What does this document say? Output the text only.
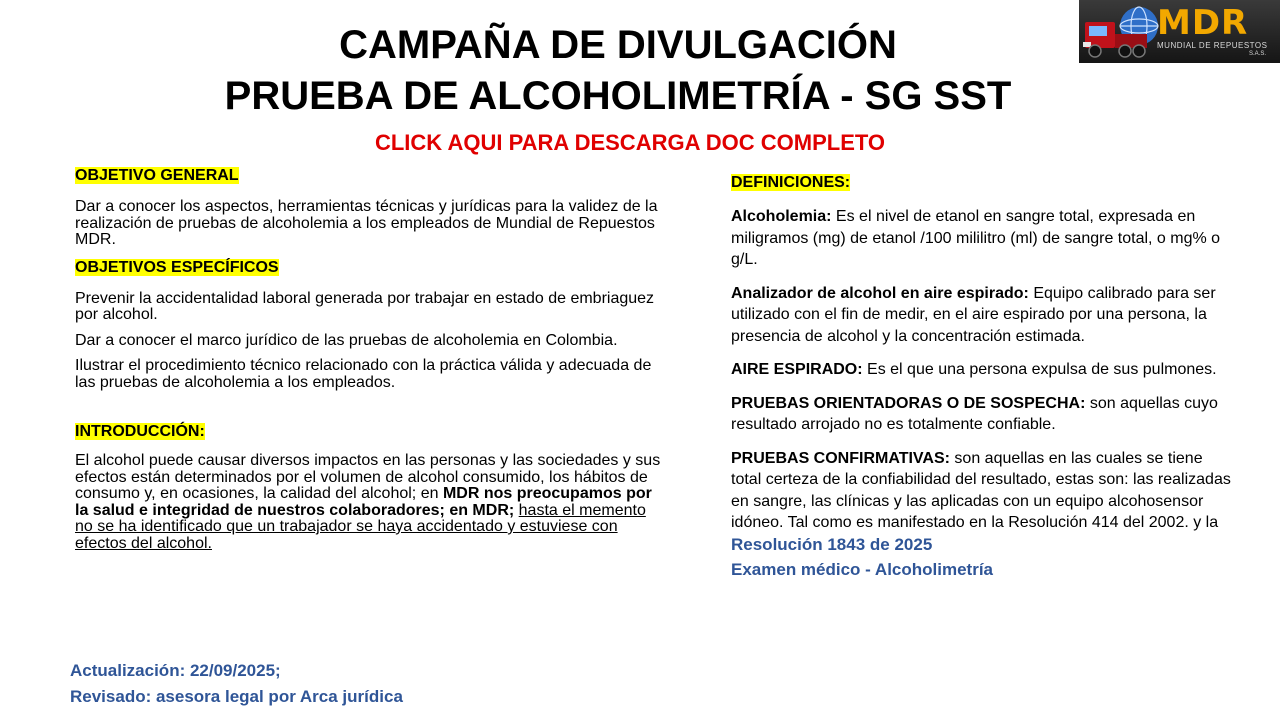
CAMPAÑA DE DIVULGACIÓN
PRUEBA DE ALCOHOLIMETRÍA - SG SST
CLICK AQUI PARA DESCARGA DOC COMPLETO
MDR
MUNDIAL DE REPUESTOS
S.A.S.
OBJETIVO GENERAL

Dar a conocer los aspectos, herramientas técnicas y jurídicas para la validez de la realización de pruebas de alcoholemia a los empleados de Mundial de Repuestos MDR.

OBJETIVOS ESPECÍFICOS

Prevenir la accidentalidad laboral generada por trabajar en estado de embriaguez por alcohol.

Dar a conocer el marco jurídico de las pruebas de alcoholemia en Colombia.

Ilustrar el procedimiento técnico relacionado con la práctica válida y adecuada de las pruebas de alcoholemia a los empleados.

INTRODUCCIÓN:

El alcohol puede causar diversos impactos en las personas y las sociedades y sus efectos están determinados por el volumen de alcohol consumido, los hábitos de consumo y, en ocasiones, la calidad del alcohol; en MDR nos preocupamos por la salud e integridad de nuestros colaboradores; en MDR; hasta el memento no se ha identificado que un trabajador se haya accidentado y estuviese con efectos del alcohol.

DEFINICIONES:

Alcoholemia: Es el nivel de etanol en sangre total, expresada en miligramos (mg) de etanol /100 mililitro (ml) de sangre total, o mg% o g/L.

Analizador de alcohol en aire espirado: Equipo calibrado para ser utilizado con el fin de medir, en el aire espirado por una persona, la presencia de alcohol y la concentración estimada.

AIRE ESPIRADO: Es el que una persona expulsa de sus pulmones.

PRUEBAS ORIENTADORAS O DE SOSPECHA: son aquellas cuyo resultado arrojado no es totalmente confiable.

PRUEBAS CONFIRMATIVAS: son aquellas en las cuales se tiene total certeza de la confiabilidad del resultado, estas son: las realizadas en sangre, las clínicas y las aplicadas con un equipo alcohosensor idóneo. Tal como es manifestado en la Resolución 414 del 2002. y la Resolución 1843 de 2025

Examen médico - Alcoholimetría

Actualización: 22/09/2025;
Revisado: asesora legal por Arca jurídica
